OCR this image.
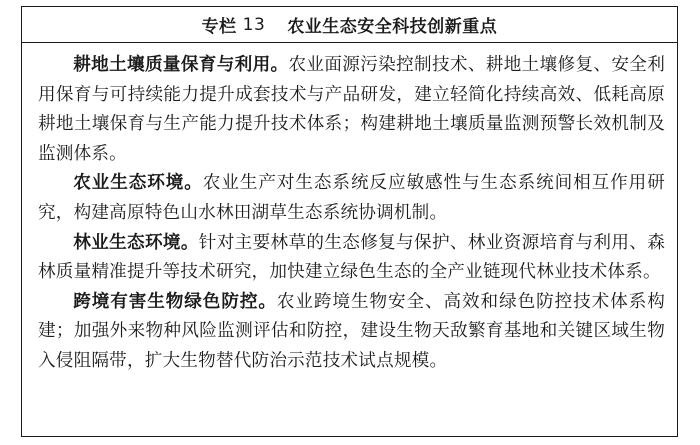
专栏 13 农业生态安全科技创新重点

耕地土壤质量保育与利用。农业面源污染控制技术、耕地土壤修复、安全利用保育与可持续能力提升成套技术与产品研发，建立轻简化持续高效、低耗高原耕地土壤保育与生产能力提升技术体系；构建耕地土壤质量监测预警长效机制及监测体系。

农业生态环境。农业生产对生态系统反应敏感性与生态系统间相互作用研究，构建高原特色山水林田湖草生态系统协调机制。

林业生态环境。针对主要林草的生态修复与保护、林业资源培育与利用、森林质量精准提升等技术研究，加快建立绿色生态的全产业链现代林业技术体系。

跨境有害生物绿色防控。农业跨境生物安全、高效和绿色防控技术体系构建；加强外来物种风险监测评估和防控，建设生物天敌繁育基地和关键区域生物入侵阻隔带，扩大生物替代防治示范技术试点规模。
